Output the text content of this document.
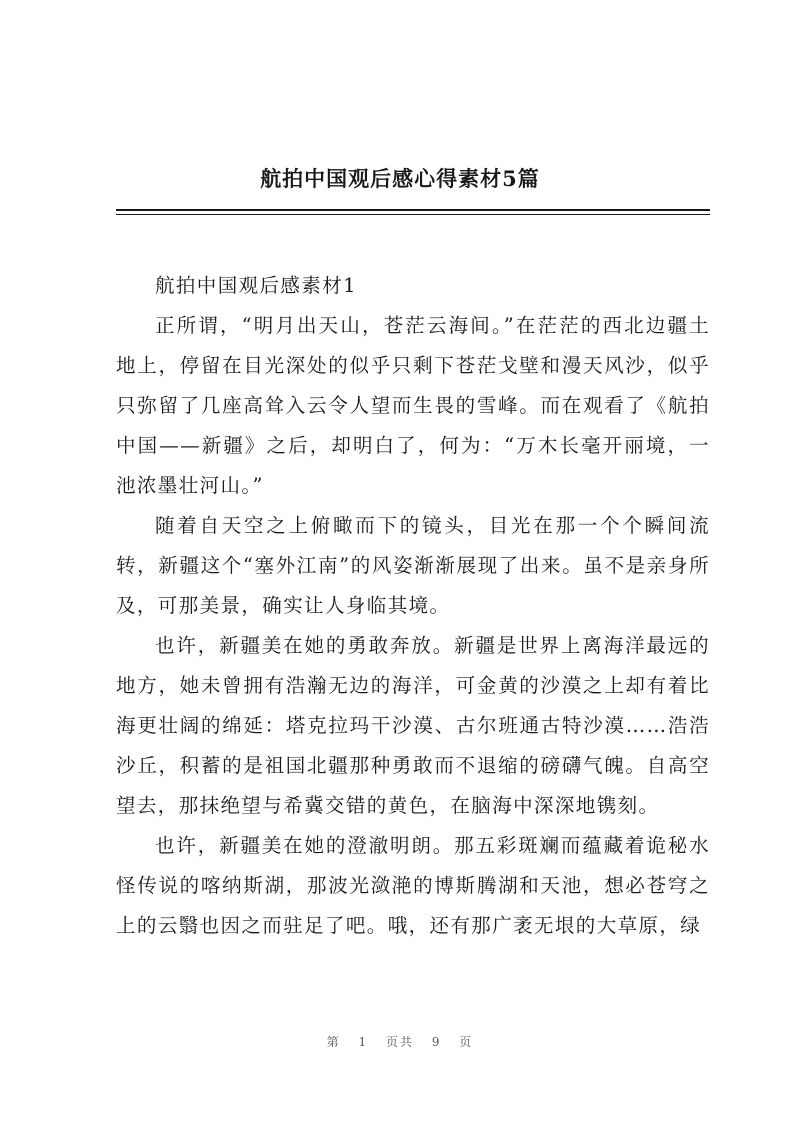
航拍中国观后感心得素材5篇

航拍中国观后感素材1

正所谓，“明月出天山，苍茫云海间。”在茫茫的西北边疆土地上，停留在目光深处的似乎只剩下苍茫戈壁和漫天风沙，似乎只弥留了几座高耸入云令人望而生畏的雪峰。而在观看了《航拍中国——新疆》之后，却明白了，何为：“万木长毫开丽境，一池浓墨壮河山。”

随着自天空之上俯瞰而下的镜头，目光在那一个个瞬间流转，新疆这个“塞外江南”的风姿渐渐展现了出来。虽不是亲身所及，可那美景，确实让人身临其境。

也许，新疆美在她的勇敢奔放。新疆是世界上离海洋最远的地方，她未曾拥有浩瀚无边的海洋，可金黄的沙漠之上却有着比海更壮阔的绵延：塔克拉玛干沙漠、古尔班通古特沙漠……浩浩沙丘，积蓄的是祖国北疆那种勇敢而不退缩的磅礴气魄。自高空望去，那抹绝望与希冀交错的黄色，在脑海中深深地镌刻。

也许，新疆美在她的澄澈明朗。那五彩斑斓而蕴藏着诡秘水怪传说的喀纳斯湖，那波光潋滟的博斯腾湖和天池，想必苍穹之上的云翳也因之而驻足了吧。哦，还有那广袤无垠的大草原，绿

第 1 页共 9 页
